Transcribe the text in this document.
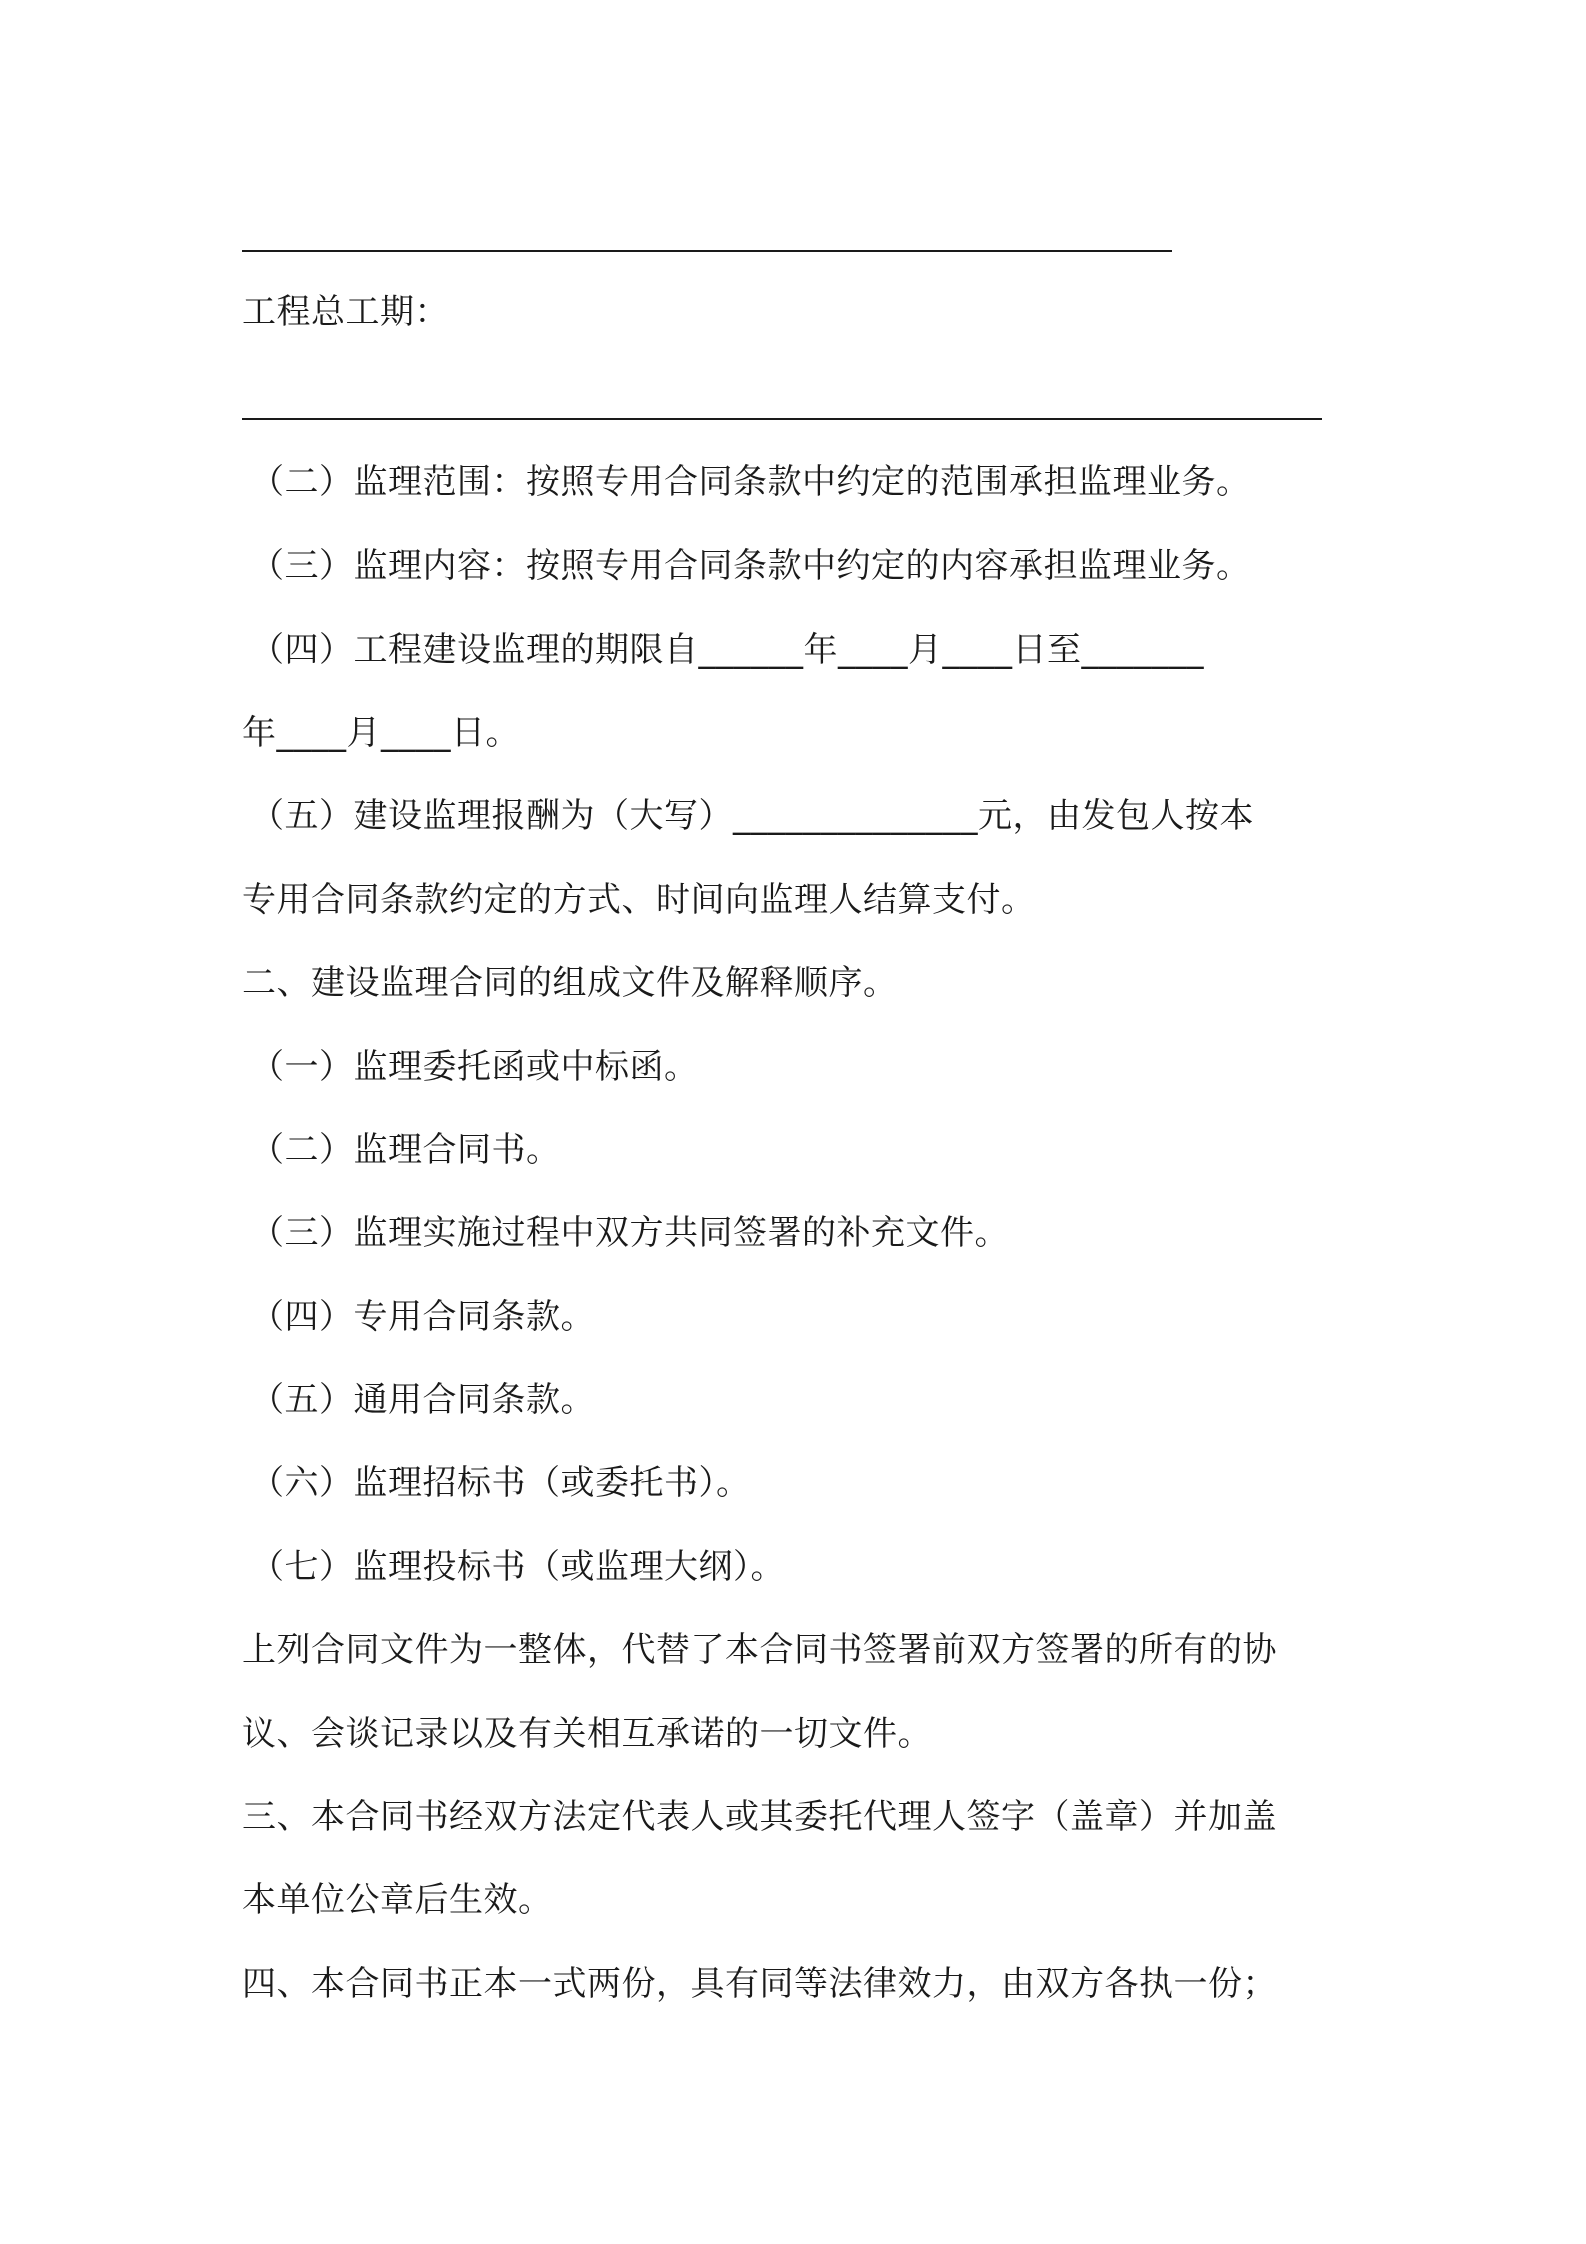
工程总工期：
（二）监理范围：按照专用合同条款中约定的范围承担监理业务。
（三）监理内容：按照专用合同条款中约定的内容承担监理业务。
（四）工程建设监理的期限自______年____月____日至_______
年____月____日。
（五）建设监理报酬为（大写）______________元，由发包人按本
专用合同条款约定的方式、时间向监理人结算支付。
二、建设监理合同的组成文件及解释顺序。
（一）监理委托函或中标函。
（二）监理合同书。
（三）监理实施过程中双方共同签署的补充文件。
（四）专用合同条款。
（五）通用合同条款。
（六）监理招标书（或委托书）。
（七）监理投标书（或监理大纲）。
上列合同文件为一整体，代替了本合同书签署前双方签署的所有的协
议、会谈记录以及有关相互承诺的一切文件。
三、本合同书经双方法定代表人或其委托代理人签字（盖章）并加盖
本单位公章后生效。
四、本合同书正本一式两份，具有同等法律效力，由双方各执一份；
